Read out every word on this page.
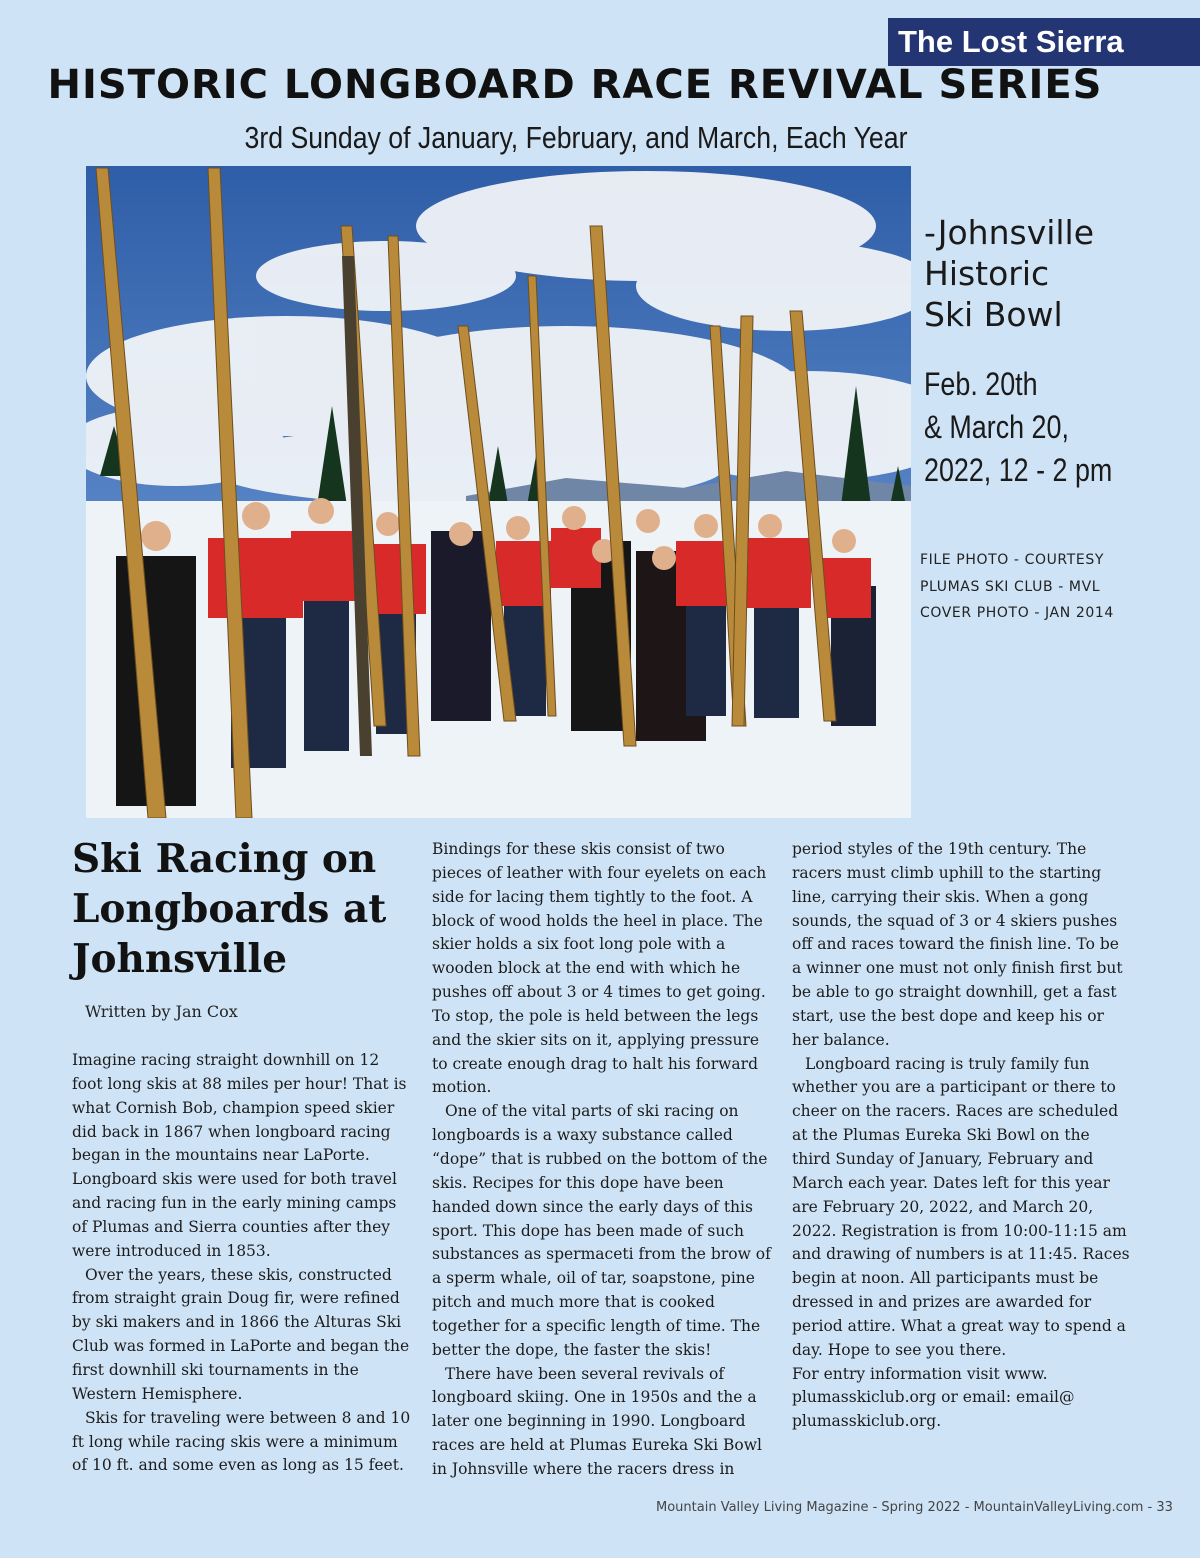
The Lost Sierra
HISTORIC LONGBOARD RACE REVIVAL SERIES
3rd Sunday of January, February, and March, Each Year
-Johnsville
Historic
Ski Bowl
Feb. 20th
& March 20,
2022, 12 - 2 pm
FILE PHOTO - COURTESY
PLUMAS SKI CLUB - MVL
COVER PHOTO - JAN 2014
Ski Racing on
Longboards at
Johnsville
Written by Jan Cox

Imagine racing straight downhill on 12 foot long skis at 88 miles per hour! That is what Cornish Bob, champion speed skier did back in 1867 when longboard racing began in the mountains near LaPorte. Longboard skis were used for both travel and racing fun in the early mining camps of Plumas and Sierra counties after they were introduced in 1853.

Over the years, these skis, constructed from straight grain Doug fir, were refined by ski makers and in 1866 the Alturas Ski Club was formed in LaPorte and began the first downhill ski tournaments in the Western Hemisphere.

Skis for traveling were between 8 and 10 ft long while racing skis were a minimum of 10 ft. and some even as long as 15 feet.

Bindings for these skis consist of two pieces of leather with four eyelets on each side for lacing them tightly to the foot. A block of wood holds the heel in place. The skier holds a six foot long pole with a wooden block at the end with which he pushes off about 3 or 4 times to get going. To stop, the pole is held between the legs and the skier sits on it, applying pressure to create enough drag to halt his forward motion.

One of the vital parts of ski racing on longboards is a waxy substance called “dope” that is rubbed on the bottom of the skis. Recipes for this dope have been handed down since the early days of this sport. This dope has been made of such substances as spermaceti from the brow of a sperm whale, oil of tar, soapstone, pine pitch and much more that is cooked together for a specific length of time. The better the dope, the faster the skis!

There have been several revivals of longboard skiing. One in 1950s and the a later one beginning in 1990. Longboard races are held at Plumas Eureka Ski Bowl in Johnsville where the racers dress in

period styles of the 19th century. The racers must climb uphill to the starting line, carrying their skis. When a gong sounds, the squad of 3 or 4 skiers pushes off and races toward the finish line. To be a winner one must not only finish first but be able to go straight downhill, get a fast start, use the best dope and keep his or her balance.

Longboard racing is truly family fun whether you are a participant or there to cheer on the racers. Races are scheduled at the Plumas Eureka Ski Bowl on the third Sunday of January, February and March each year. Dates left for this year are February 20, 2022, and March 20, 2022. Registration is from 10:00-11:15 am and drawing of numbers is at 11:45. Races begin at noon. All participants must be dressed in and prizes are awarded for period attire. What a great way to spend a day. Hope to see you there.

For entry information visit www. plumasskiclub.org or email: email@ plumasskiclub.org.

Mountain Valley Living Magazine - Spring 2022 - MountainValleyLiving.com - 33
